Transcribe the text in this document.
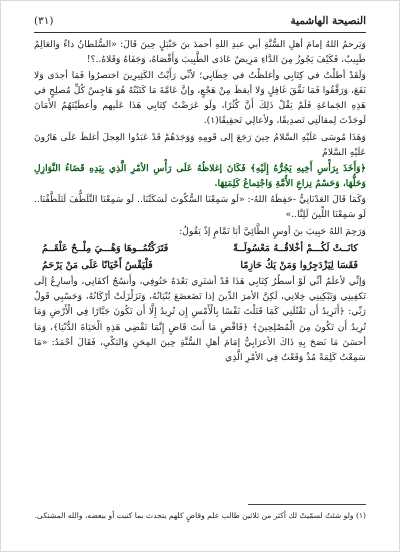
النصيحة الهاشمية
(٣١)

وَيَرحمُ اللهُ إمامَ أهلِ السُّنَّةِ أبي عبدِ اللهِ أحمدَ بنَ حَنْبَلٍ حِينَ قَالَ: «السُّلطانُ داءٌ والعَالِمُ طَبِيبٌ، فَكَيْفَ يَجُوزُ مِنَ الدَّاءِ مَرِيضٌ عَادَى الطَّبِيبَ وَأَقْصَاهُ، وَجَفَاهُ وَقَلاهُ..؟!

وَلَقَدْ أطلْتُ في كِتَابِي وأغلظْتُ في خِطَابِي؛ لأنِّي رَأَيْتُ الكَثِيرِينَ اختصرُوا فَمَا أجدَى وَلا نَفَعَ، وَرَقَّقُوا فَمَا نَفَّقَ غَافِلٍ وَلا أيقظَ مِنْ هَجْعٍ، وإنَّ عَامَّةَ مَا كَتَبْتُهُ هُوَ هَاجِسٌ كُلِّ مُصلِحٍ في هَذِهِ الجَماعَةِ فَلَمْ يَقْلْ ذَلِكَ أَنَّ كُثُرًا، ولَو عَرَضْتُ كِتَابِي هَذَا عَلَيهم وأعطَيْتَهُمُ الأَمَانَ لَوجَدْتَ لِمقالَتِي تَصدِيقًا، ولأعالِي تَحقِيقًا(١).

وَهَذَا مُوسَى عَلَيْهِ السَّلامُ حِينَ رَجَعَ إلى قَومِهِ وَوَجَدَهُمْ قَدْ عَبَدُوا العِجلَ أغلظَ عَلَى هَارُونَ عَلَيْهِ السَّلامُ

﴿وَأَخَذَ بِرَأْسِ أَخِيهِ يَجُرُّهُ إِلَيْهِ﴾ فَكَانَ إغلاظُهُ عَلَى رَأْسِ الأمْرِ الَّذِي بِيَدِهِ قَضَاءُ النَّوَازِلِ وَحَلُّهَا، وَحَسْمُ نِزاعِ الأُمَّةِ وَاجْتِماعُ كَلِمَتِهَا.

وَكَمَا قَالَ العَدْنَانِيُّ -حَفِظَهُ اللهُ-: «لَو سَمِعْنَا السُّكُوتَ لَسَكَتْنَا.. لَو سَمِعْنَا التَّلَطُّفَ لَتَلَطَّفْنَا.. لَو سَمِعْنَا اللِّينَ لَلِنَّا..»

وَرَحِمَ اللهُ حَبِيبَ بنَ أوسٍ الطَّائِيَّ أبَا تَمَّامٍ إذْ يَقُولُ:

كانَــتْ لَكُـــمْ أخْلاقُــهُ مَعْسُولَــةً
فَتَرَكْتُمُــوهَا وَهْـــيَ مِلْــحٌ عَلْقَــمُ
فَقَسَا لِيَزْدَجِرُوا وَمَنْ يَكُ حَازِمًا
فَلْيَقْسُ أَحْيَانًا عَلَى مَنْ يَرْحَمُ

وَإنِّي لأعلَمُ أنِّي لَوْ أسطُرُ كِتَابِي هَذَا قَدْ أشتَرِي بَعْدَهُ حَتُوفِي، وأَنسُجُ أكفَانِي، وأسارِعُ إلَى تَكفِينِي وَتَبْكِينِي خِلانِي، لَكِنَّ الأمرَ الدِّينَ إذا تَضَعضَعَ بُنْيَانُهُ، وَتَزَلْزَلَتْ أرْكَانُهُ، وَحَسْبِي قَولُ رَبِّي: ﴿أَتَرِيدُ أَن تَقْتُلَنِي كَمَا قَتَلْتَ نَفْسًا بِالْأَمْسِ إِن تُرِيدُ إِلَّا أَن تَكُونَ جَبَّارًا فِي الْأَرْضِ وَمَا تُرِيدُ أَن تَكُونَ مِنَ الْمُصْلِحِينَ﴾ ﴿فَاقْضِ مَا أَنتَ قَاضٍ إِنَّمَا تَقْضِي هَذِهِ الْحَيَاةَ الدُّنْيَا﴾، وَمَا أحسَنَ مَا نَصَحَ بِهِ ذَاكَ الأعرَابِيُّ إمَامَ أهلِ السُّنَّةِ حِينَ المِحَنِ وَالبَكْيِ، فَقَالَ أحْمَدُ: «مَا سَمِعْتُ كَلِمَةً مُذْ وَقَعْتُ فِي الأمْرِ الَّذِي

(١) ولو شئتُ لسمّيتُ لك أكثر من ثلاثين طالب علم وقاضٍ كلهم يتحدث بما كتبت أو ببعضه، والله المشتكى.
